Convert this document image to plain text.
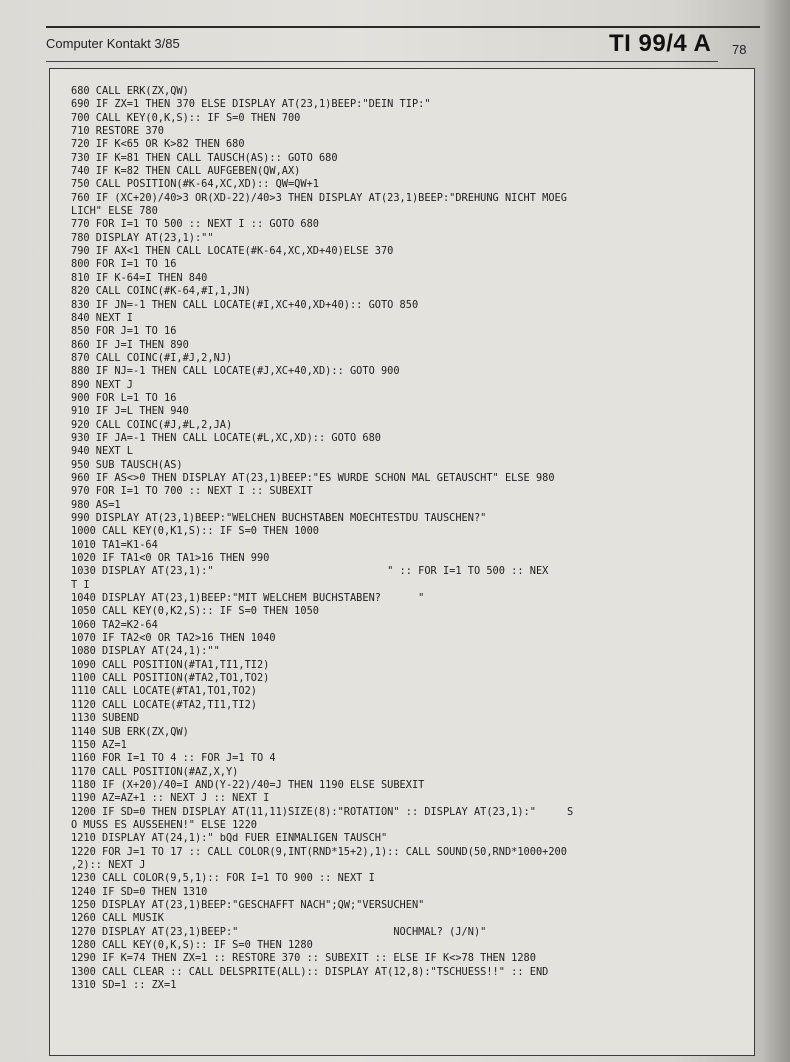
Computer Kontakt 3/85	TI 99/4 A 78
680 CALL ERK(ZX,QW)
690 IF ZX=1 THEN 370 ELSE DISPLAY AT(23,1)BEEP:"DEIN TIP:"
700 CALL KEY(0,K,S):: IF S=0 THEN 700
710 RESTORE 370
720 IF K<65 OR K>82 THEN 680
730 IF K=81 THEN CALL TAUSCH(AS):: GOTO 680
740 IF K=82 THEN CALL AUFGEBEN(QW,AX)
750 CALL POSITION(#K-64,XC,XD):: QW=QW+1
760 IF (XC+20)/40>3 OR(XD-22)/40>3 THEN DISPLAY AT(23,1)BEEP:"DREHUNG NICHT MOEG
LICH" ELSE 780
770 FOR I=1 TO 500 :: NEXT I :: GOTO 680
780 DISPLAY AT(23,1):""
790 IF AX<1 THEN CALL LOCATE(#K-64,XC,XD+40)ELSE 370
800 FOR I=1 TO 16
810 IF K-64=I THEN 840
820 CALL COINC(#K-64,#I,1,JN)
830 IF JN=-1 THEN CALL LOCATE(#I,XC+40,XD+40):: GOTO 850
840 NEXT I
850 FOR J=1 TO 16
860 IF J=I THEN 890
870 CALL COINC(#I,#J,2,NJ)
880 IF NJ=-1 THEN CALL LOCATE(#J,XC+40,XD):: GOTO 900
890 NEXT J
900 FOR L=1 TO 16
910 IF J=L THEN 940
920 CALL COINC(#J,#L,2,JA)
930 IF JA=-1 THEN CALL LOCATE(#L,XC,XD):: GOTO 680
940 NEXT L
950 SUB TAUSCH(AS)
960 IF AS<>0 THEN DISPLAY AT(23,1)BEEP:"ES WURDE SCHON MAL GETAUSCHT" ELSE 980
970 FOR I=1 TO 700 :: NEXT I :: SUBEXIT
980 AS=1
990 DISPLAY AT(23,1)BEEP:"WELCHEN BUCHSTABEN MOECHTESTDU TAUSCHEN?"
1000 CALL KEY(0,K1,S):: IF S=0 THEN 1000
1010 TA1=K1-64
1020 IF TA1<0 OR TA1>16 THEN 990
1030 DISPLAY AT(23,1):"                            " :: FOR I=1 TO 500 :: NEX
T I
1040 DISPLAY AT(23,1)BEEP:"MIT WELCHEM BUCHSTABEN?      "
1050 CALL KEY(0,K2,S):: IF S=0 THEN 1050
1060 TA2=K2-64
1070 IF TA2<0 OR TA2>16 THEN 1040
1080 DISPLAY AT(24,1):""
1090 CALL POSITION(#TA1,TI1,TI2)
1100 CALL POSITION(#TA2,TO1,TO2)
1110 CALL LOCATE(#TA1,TO1,TO2)
1120 CALL LOCATE(#TA2,TI1,TI2)
1130 SUBEND
1140 SUB ERK(ZX,QW)
1150 AZ=1
1160 FOR I=1 TO 4 :: FOR J=1 TO 4
1170 CALL POSITION(#AZ,X,Y)
1180 IF (X+20)/40=I AND(Y-22)/40=J THEN 1190 ELSE SUBEXIT
1190 AZ=AZ+1 :: NEXT J :: NEXT I
1200 IF SD=0 THEN DISPLAY AT(11,11)SIZE(8):"ROTATION" :: DISPLAY AT(23,1):"     S
O MUSS ES AUSSEHEN!" ELSE 1220
1210 DISPLAY AT(24,1):" bQd FUER EINMALIGEN TAUSCH"
1220 FOR J=1 TO 17 :: CALL COLOR(9,INT(RND*15+2),1):: CALL SOUND(50,RND*1000+200
,2):: NEXT J
1230 CALL COLOR(9,5,1):: FOR I=1 TO 900 :: NEXT I
1240 IF SD=0 THEN 1310
1250 DISPLAY AT(23,1)BEEP:"GESCHAFFT NACH";QW;"VERSUCHEN"
1260 CALL MUSIK
1270 DISPLAY AT(23,1)BEEP:"                         NOCHMAL? (J/N)"
1280 CALL KEY(0,K,S):: IF S=0 THEN 1280
1290 IF K=74 THEN ZX=1 :: RESTORE 370 :: SUBEXIT :: ELSE IF K<>78 THEN 1280
1300 CALL CLEAR :: CALL DELSPRITE(ALL):: DISPLAY AT(12,8):"TSCHUESS!!" :: END
1310 SD=1 :: ZX=1
